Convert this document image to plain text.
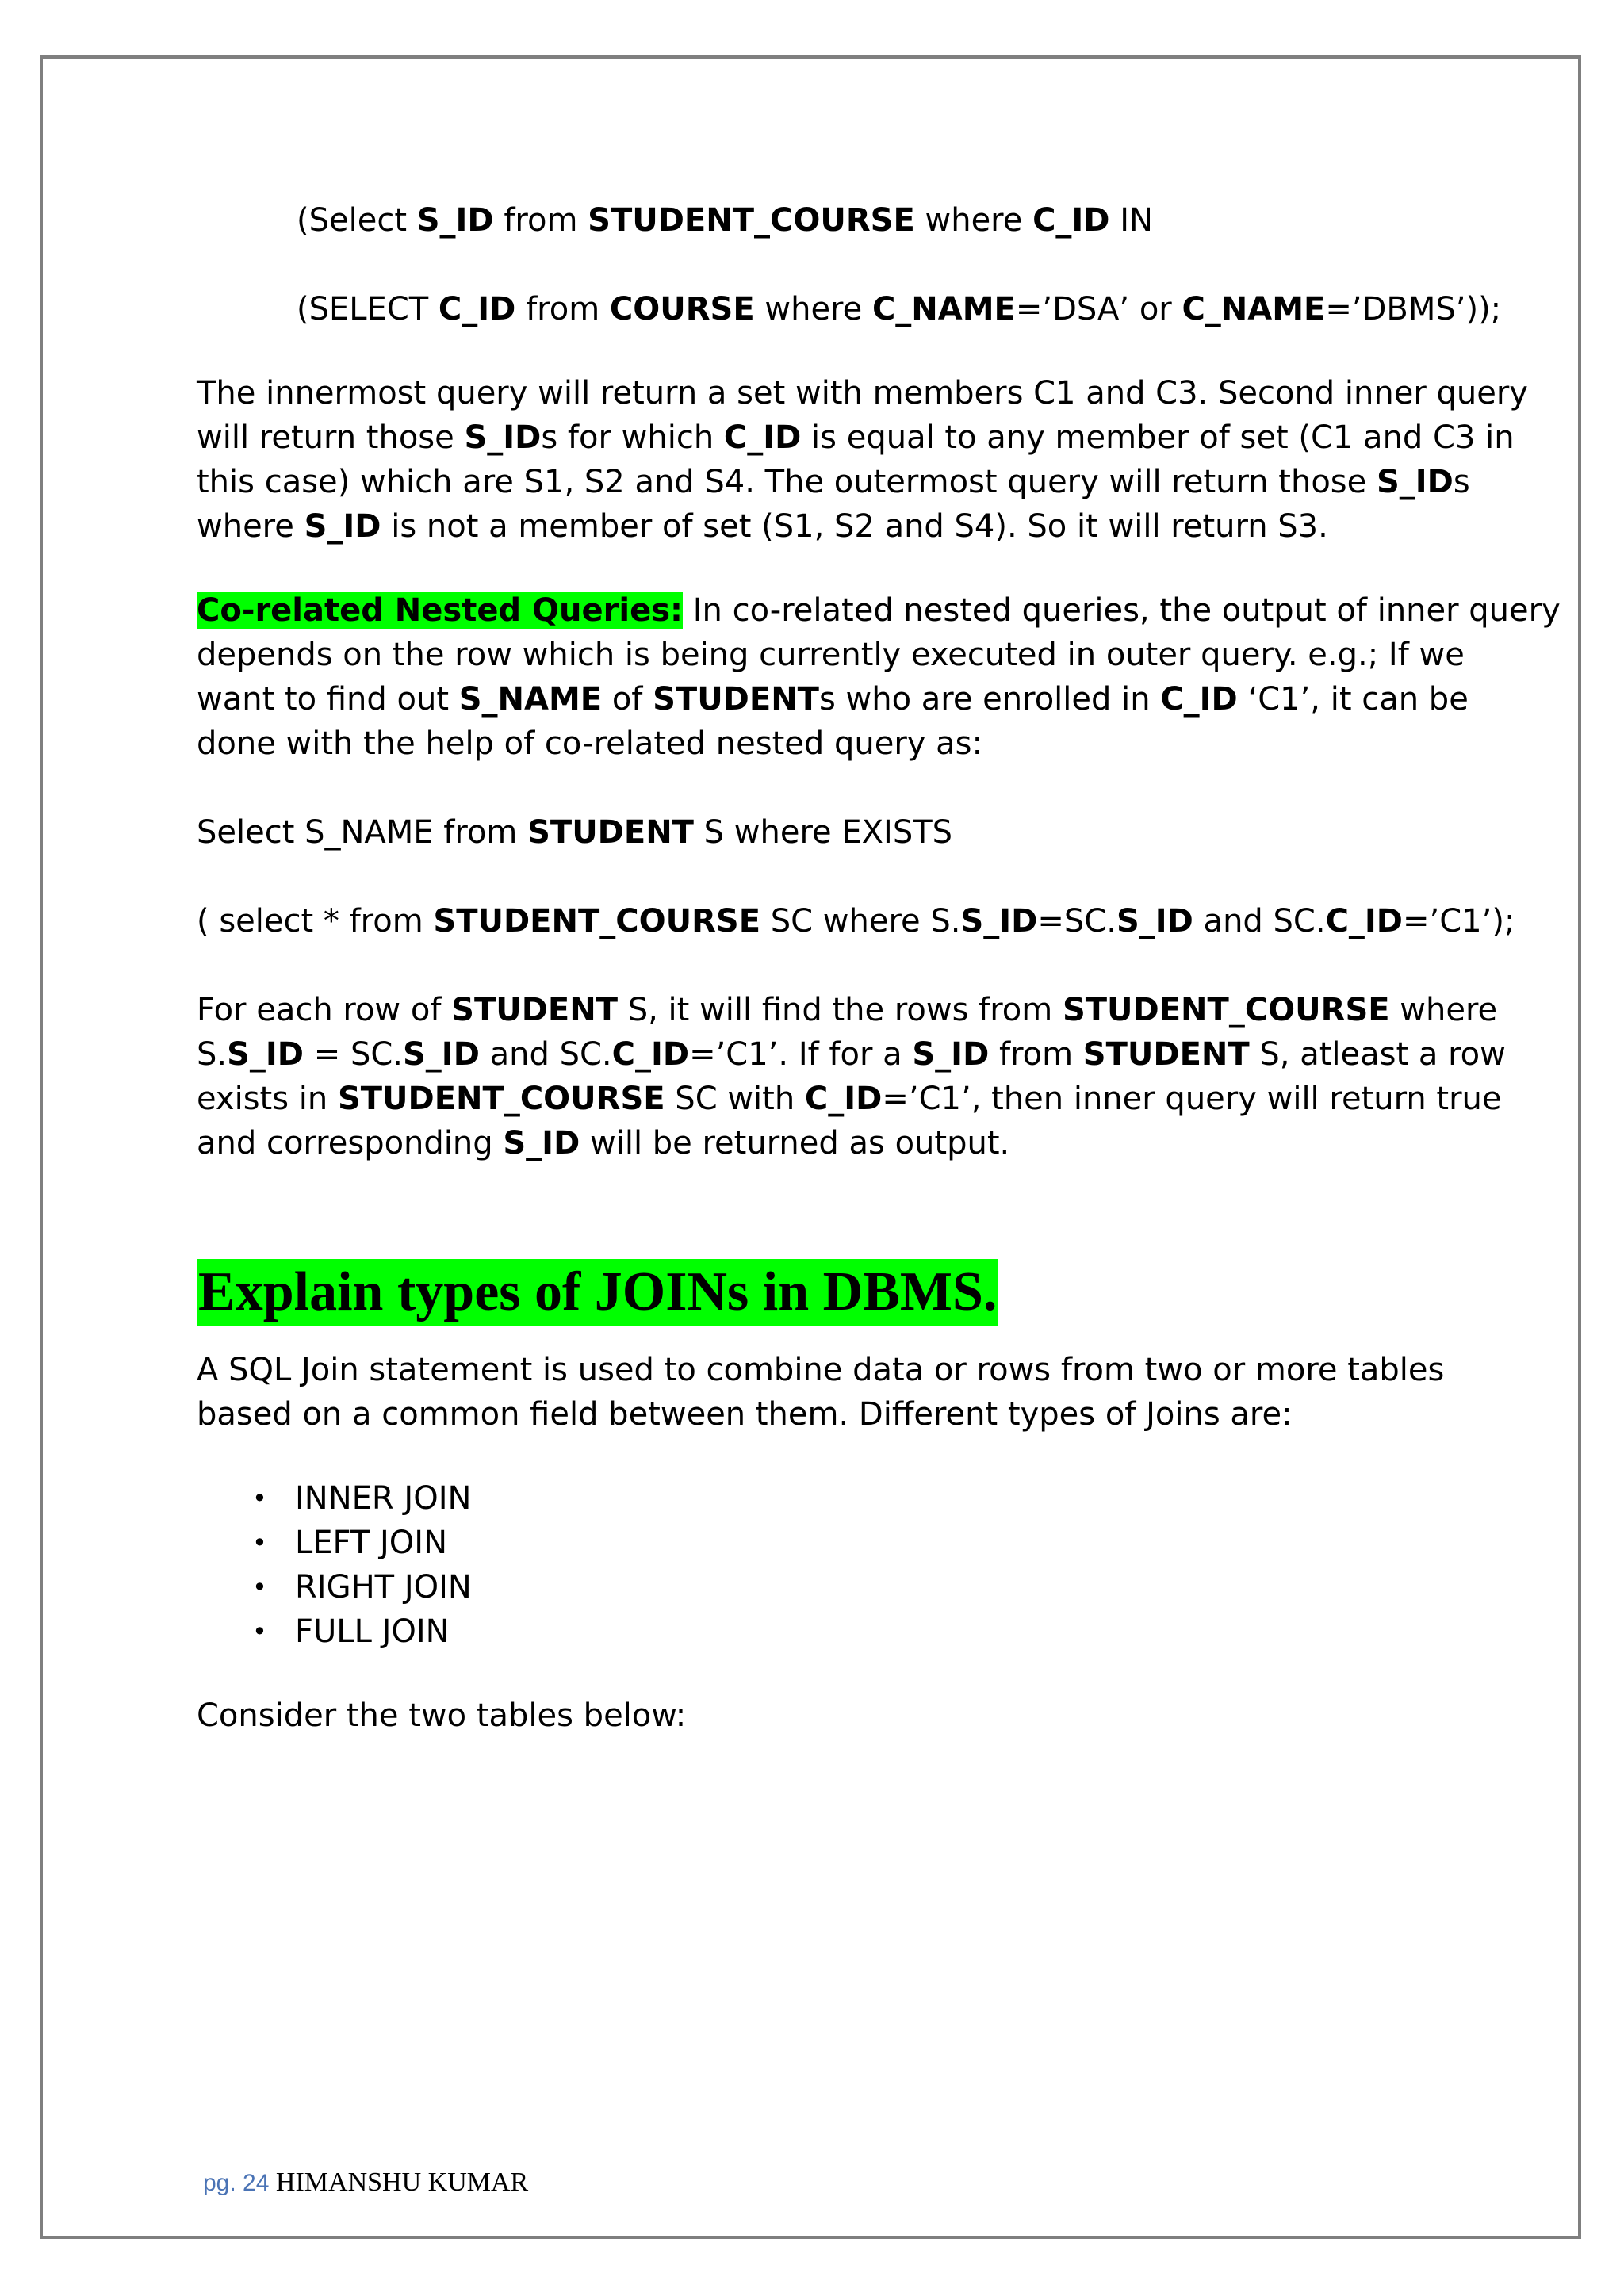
(Select S_ID from STUDENT_COURSE where C_ID IN
(SELECT C_ID from COURSE where C_NAME=’DSA’ or C_NAME=’DBMS’));
The innermost query will return a set with members C1 and C3. Second inner query
will return those S_IDs for which C_ID is equal to any member of set (C1 and C3 in
this case) which are S1, S2 and S4. The outermost query will return those S_IDs
where S_ID is not a member of set (S1, S2 and S4). So it will return S3.
Co-related Nested Queries: In co-related nested queries, the output of inner query
depends on the row which is being currently executed in outer query. e.g.; If we
want to find out S_NAME of STUDENTs who are enrolled in C_ID ‘C1’, it can be
done with the help of co-related nested query as:
Select S_NAME from STUDENT S where EXISTS
( select * from STUDENT_COURSE SC where S.S_ID=SC.S_ID and SC.C_ID=’C1’);
For each row of STUDENT S, it will find the rows from STUDENT_COURSE where
S.S_ID = SC.S_ID and SC.C_ID=’C1’. If for a S_ID from STUDENT S, atleast a row
exists in STUDENT_COURSE SC with C_ID=’C1’, then inner query will return true
and corresponding S_ID will be returned as output.
Explain types of JOINs in DBMS.
A SQL Join statement is used to combine data or rows from two or more tables
based on a common field between them. Different types of Joins are:
• INNER JOIN
• LEFT JOIN
• RIGHT JOIN
• FULL JOIN
Consider the two tables below:
pg. 24 HIMANSHU KUMAR
